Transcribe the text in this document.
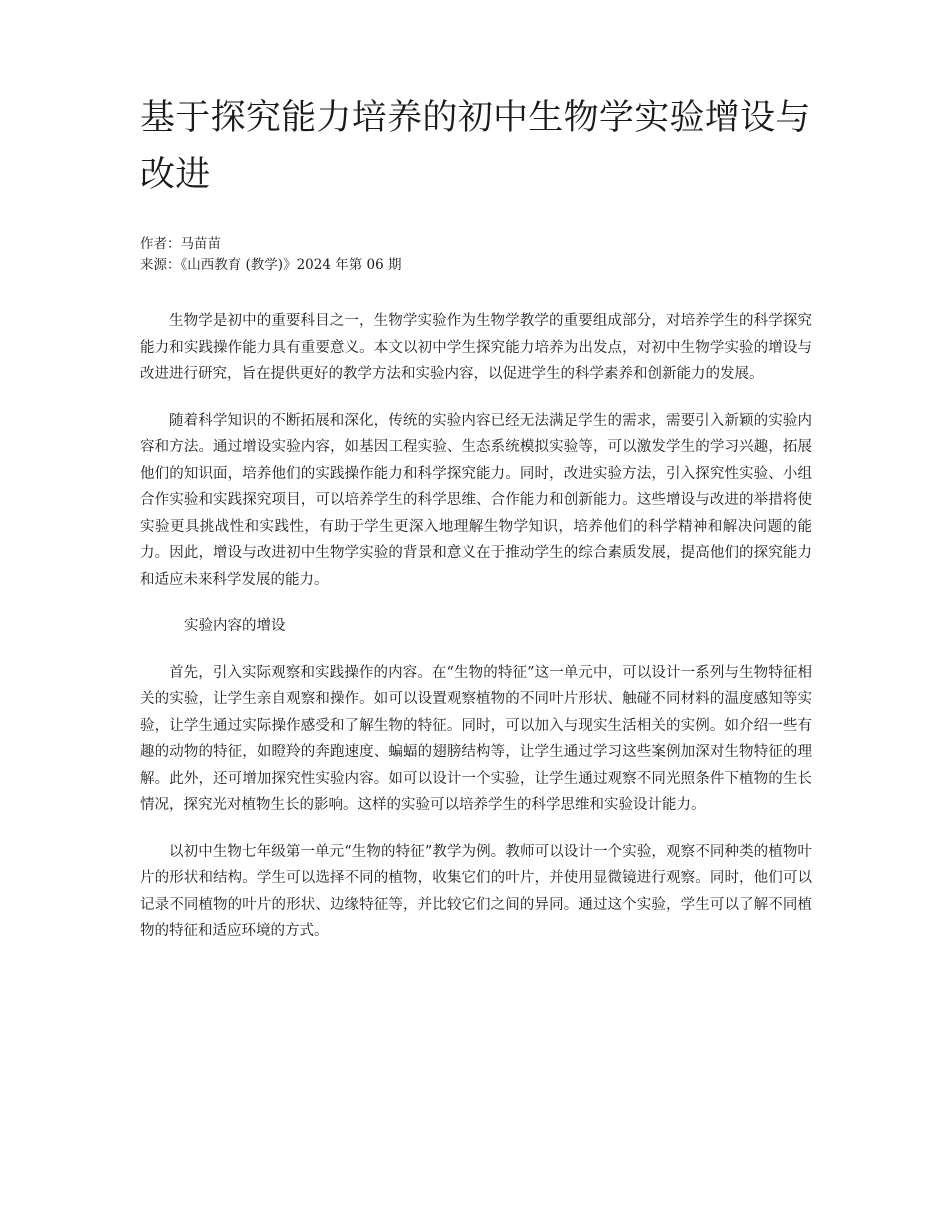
基于探究能力培养的初中生物学实验增设与改进
作者：马苗苗
来源：《山西教育 (教学)》2024 年第 06 期

生物学是初中的重要科目之一，生物学实验作为生物学教学的重要组成部分，对培养学生的科学探究能力和实践操作能力具有重要意义。本文以初中学生探究能力培养为出发点，对初中生物学实验的增设与改进进行研究，旨在提供更好的教学方法和实验内容，以促进学生的科学素养和创新能力的发展。

随着科学知识的不断拓展和深化，传统的实验内容已经无法满足学生的需求，需要引入新颖的实验内容和方法。通过增设实验内容，如基因工程实验、生态系统模拟实验等，可以激发学生的学习兴趣，拓展他们的知识面，培养他们的实践操作能力和科学探究能力。同时，改进实验方法，引入探究性实验、小组合作实验和实践探究项目，可以培养学生的科学思维、合作能力和创新能力。这些增设与改进的举措将使实验更具挑战性和实践性，有助于学生更深入地理解生物学知识，培养他们的科学精神和解决问题的能力。因此，增设与改进初中生物学实验的背景和意义在于推动学生的综合素质发展，提高他们的探究能力和适应未来科学发展的能力。

实验内容的增设

首先，引入实际观察和实践操作的内容。在“生物的特征”这一单元中，可以设计一系列与生物特征相关的实验，让学生亲自观察和操作。如可以设置观察植物的不同叶片形状、触碰不同材料的温度感知等实验，让学生通过实际操作感受和了解生物的特征。同时，可以加入与现实生活相关的实例。如介绍一些有趣的动物的特征，如瞪羚的奔跑速度、蝙蝠的翅膀结构等，让学生通过学习这些案例加深对生物特征的理解。此外，还可增加探究性实验内容。如可以设计一个实验，让学生通过观察不同光照条件下植物的生长情况，探究光对植物生长的影响。这样的实验可以培养学生的科学思维和实验设计能力。

以初中生物七年级第一单元“生物的特征”教学为例。教师可以设计一个实验，观察不同种类的植物叶片的形状和结构。学生可以选择不同的植物，收集它们的叶片，并使用显微镜进行观察。同时，他们可以记录不同植物的叶片的形状、边缘特征等，并比较它们之间的异同。通过这个实验，学生可以了解不同植物的特征和适应环境的方式。
